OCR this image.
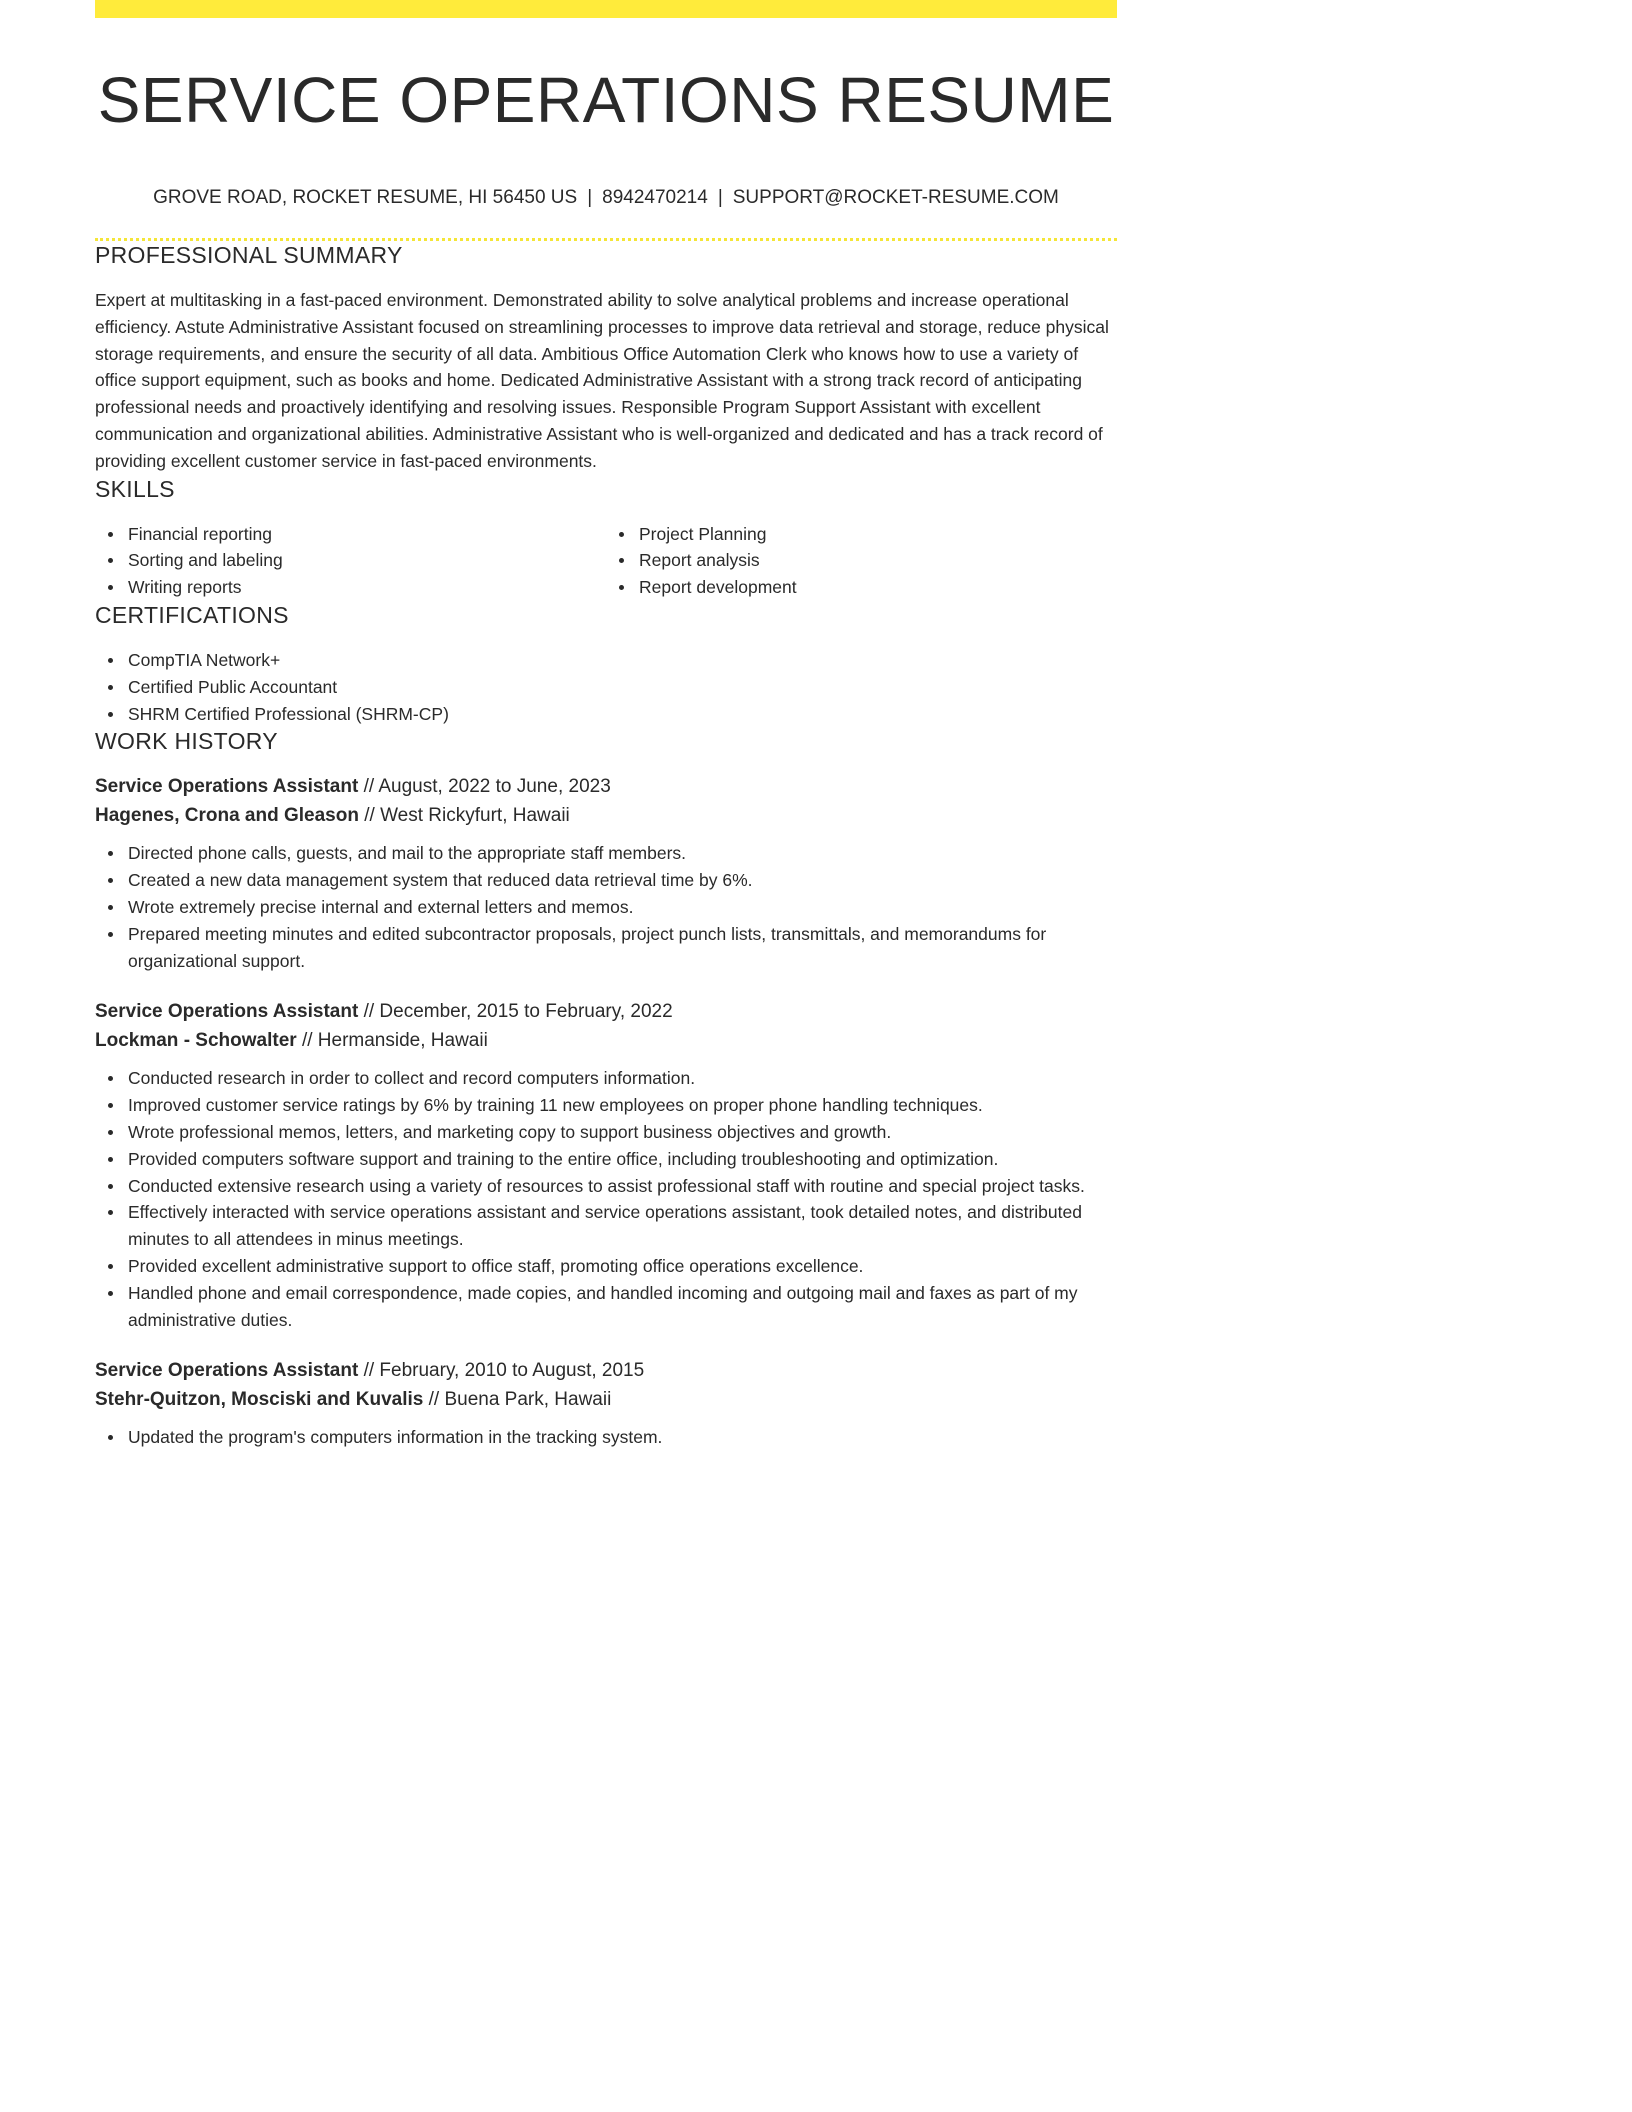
SERVICE OPERATIONS RESUME
GROVE ROAD, ROCKET RESUME, HI 56450 US | 8942470214 | SUPPORT@ROCKET-RESUME.COM
PROFESSIONAL SUMMARY

Expert at multitasking in a fast-paced environment. Demonstrated ability to solve analytical problems and increase operational efficiency. Astute Administrative Assistant focused on streamlining processes to improve data retrieval and storage, reduce physical storage requirements, and ensure the security of all data. Ambitious Office Automation Clerk who knows how to use a variety of office support equipment, such as books and home. Dedicated Administrative Assistant with a strong track record of anticipating professional needs and proactively identifying and resolving issues. Responsible Program Support Assistant with excellent communication and organizational abilities. Administrative Assistant who is well-organized and dedicated and has a track record of providing excellent customer service in fast-paced environments.

SKILLS
Financial reporting
Sorting and labeling
Writing reports
Project Planning
Report analysis
Report development
CERTIFICATIONS
CompTIA Network+
Certified Public Accountant
SHRM Certified Professional (SHRM-CP)
WORK HISTORY
Service Operations Assistant // August, 2022 to June, 2023
Hagenes, Crona and Gleason // West Rickyfurt, Hawaii
Directed phone calls, guests, and mail to the appropriate staff members.
Created a new data management system that reduced data retrieval time by 6%.
Wrote extremely precise internal and external letters and memos.
Prepared meeting minutes and edited subcontractor proposals, project punch lists, transmittals, and memorandums for organizational support.
Service Operations Assistant // December, 2015 to February, 2022
Lockman - Schowalter // Hermanside, Hawaii
Conducted research in order to collect and record computers information.
Improved customer service ratings by 6% by training 11 new employees on proper phone handling techniques.
Wrote professional memos, letters, and marketing copy to support business objectives and growth.
Provided computers software support and training to the entire office, including troubleshooting and optimization.
Conducted extensive research using a variety of resources to assist professional staff with routine and special project tasks.
Effectively interacted with service operations assistant and service operations assistant, took detailed notes, and distributed minutes to all attendees in minus meetings.
Provided excellent administrative support to office staff, promoting office operations excellence.
Handled phone and email correspondence, made copies, and handled incoming and outgoing mail and faxes as part of my administrative duties.
Service Operations Assistant // February, 2010 to August, 2015
Stehr-Quitzon, Mosciski and Kuvalis // Buena Park, Hawaii
Updated the program's computers information in the tracking system.
